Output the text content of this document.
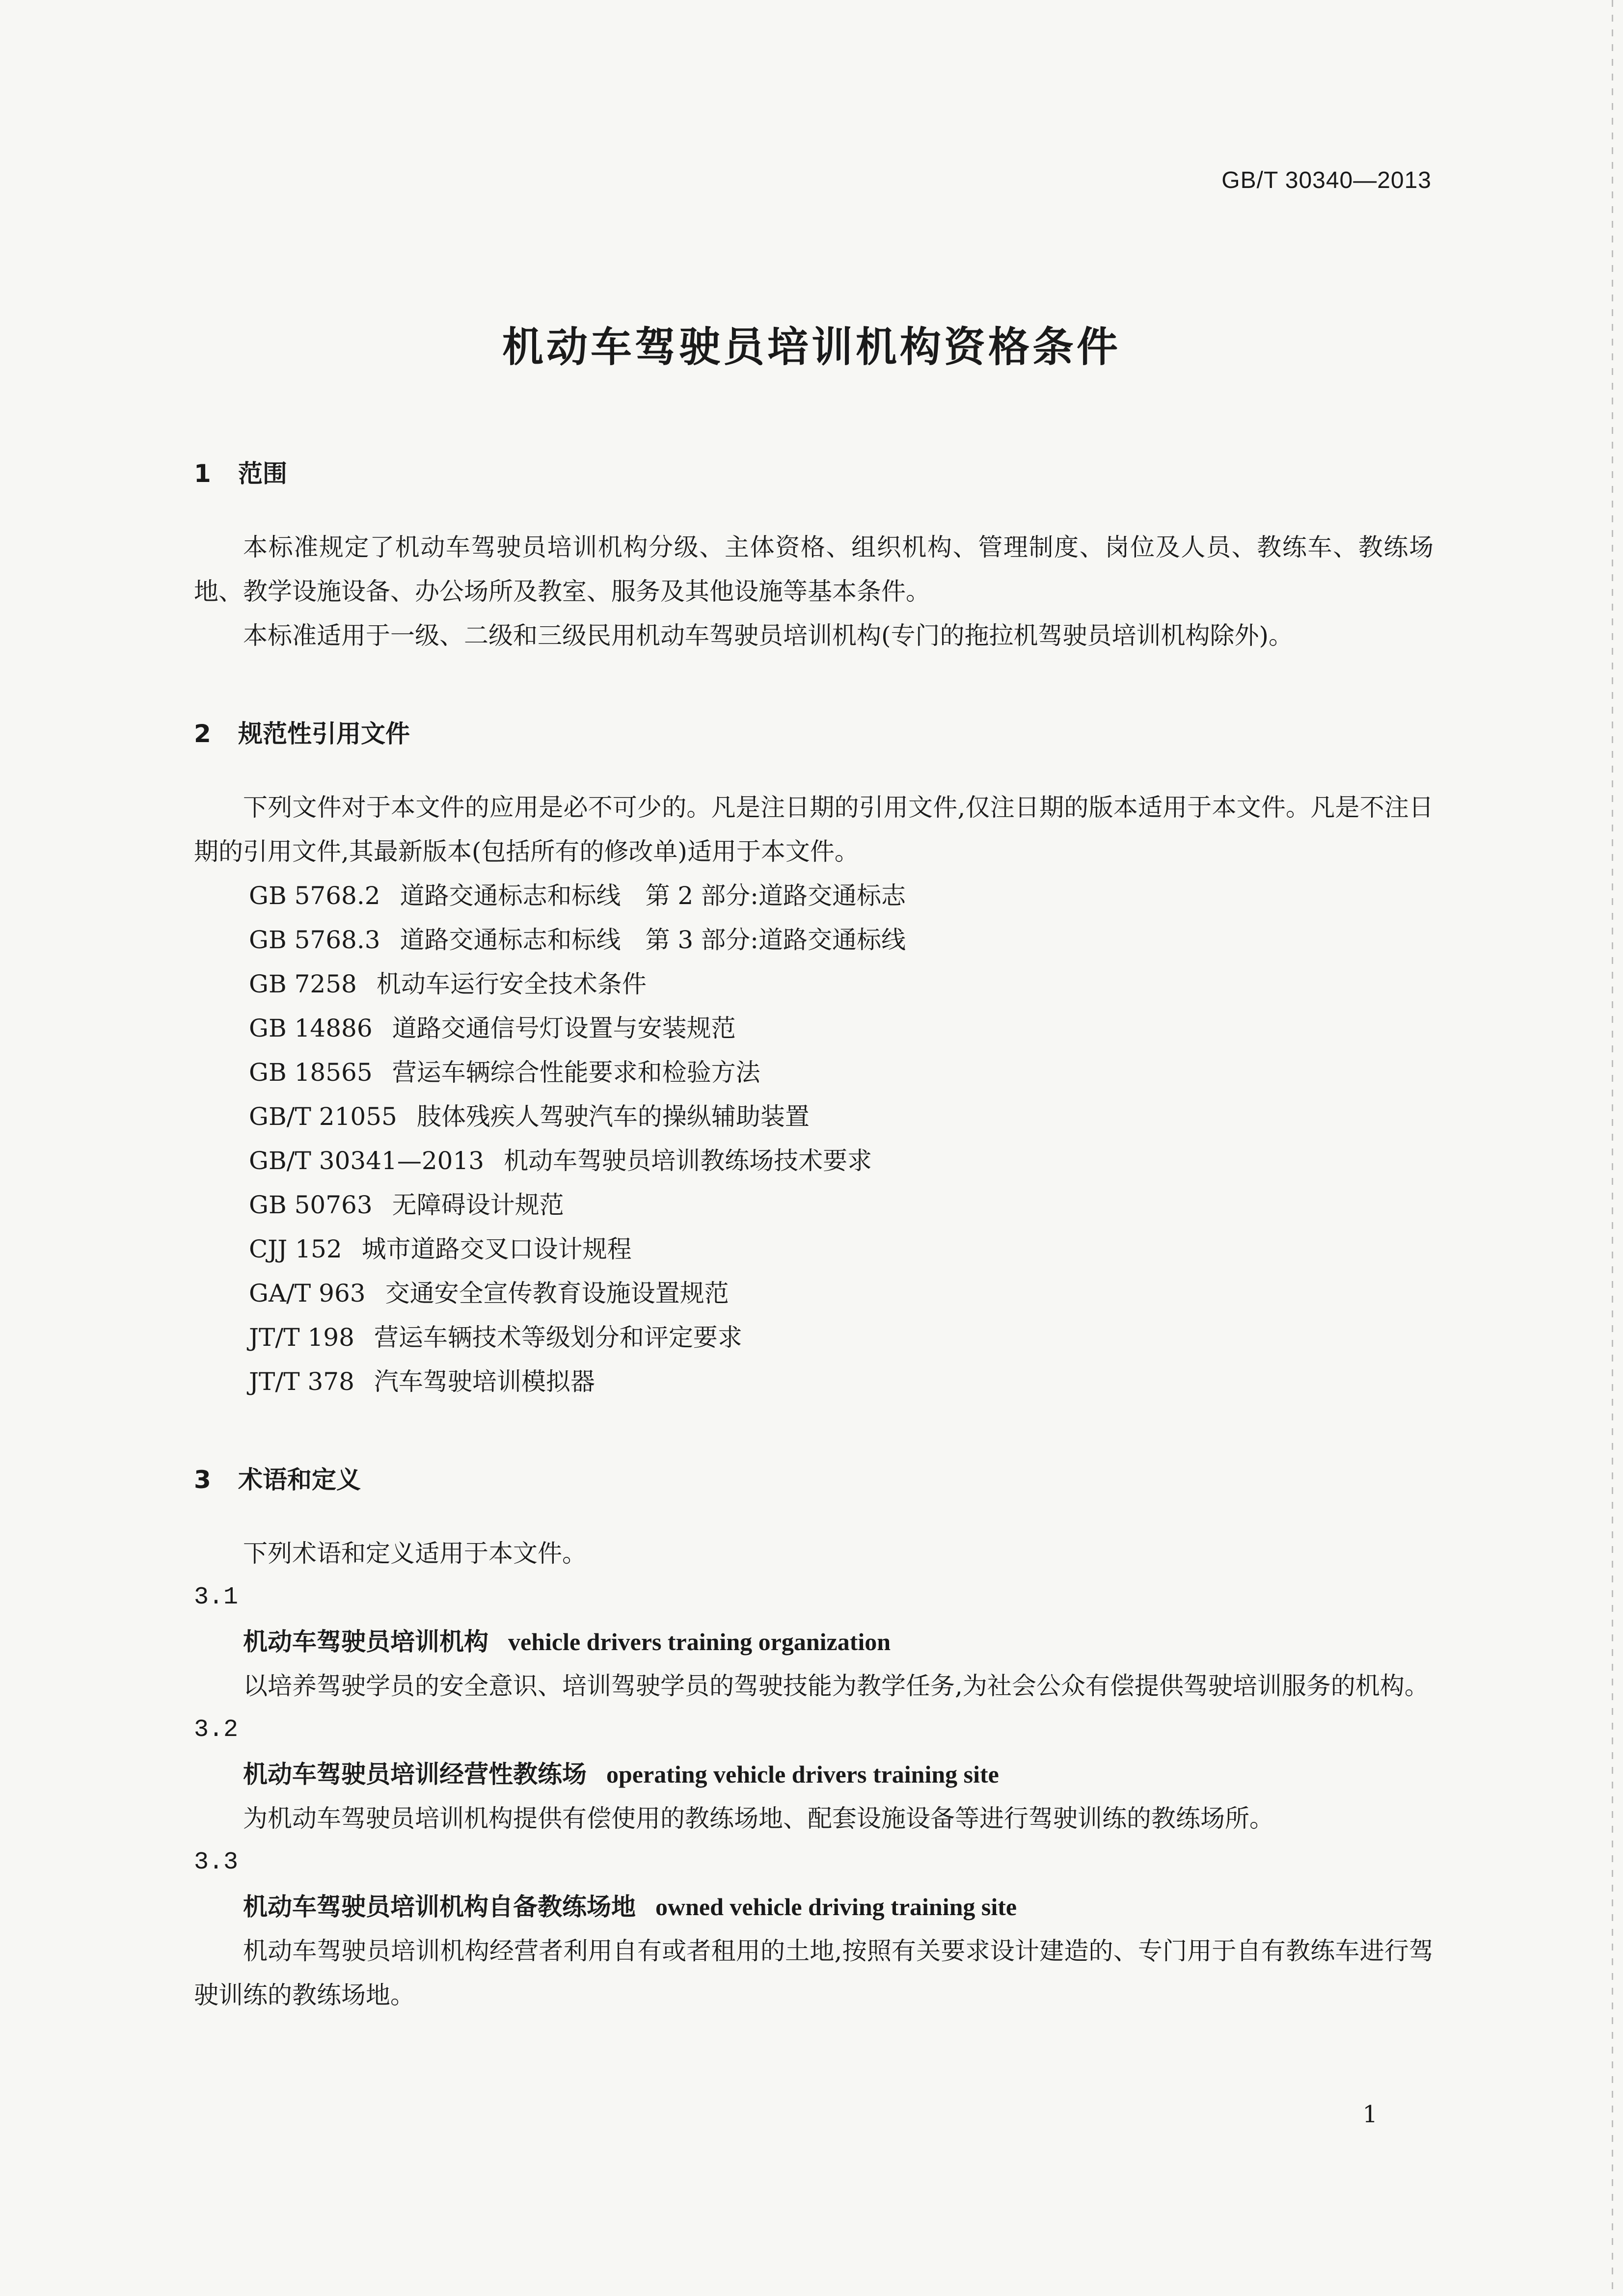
GB/T 30340—2013
机动车驾驶员培训机构资格条件

1 范围

本标准规定了机动车驾驶员培训机构分级、主体资格、组织机构、管理制度、岗位及人员、教练车、教练场地、教学设施设备、办公场所及教室、服务及其他设施等基本条件。

本标准适用于一级、二级和三级民用机动车驾驶员培训机构(专门的拖拉机驾驶员培训机构除外)。

2 规范性引用文件

下列文件对于本文件的应用是必不可少的。凡是注日期的引用文件,仅注日期的版本适用于本文件。凡是不注日期的引用文件,其最新版本(包括所有的修改单)适用于本文件。

GB 5768.2 道路交通标志和标线　第 2 部分:道路交通标志

GB 5768.3 道路交通标志和标线　第 3 部分:道路交通标线

GB 7258 机动车运行安全技术条件

GB 14886 道路交通信号灯设置与安装规范

GB 18565 营运车辆综合性能要求和检验方法

GB/T 21055 肢体残疾人驾驶汽车的操纵辅助装置

GB/T 30341—2013 机动车驾驶员培训教练场技术要求

GB 50763 无障碍设计规范

CJJ 152 城市道路交叉口设计规程

GA/T 963 交通安全宣传教育设施设置规范

JT/T 198 营运车辆技术等级划分和评定要求

JT/T 378 汽车驾驶培训模拟器

3 术语和定义

下列术语和定义适用于本文件。

3.1

机动车驾驶员培训机构 vehicle drivers training organization

以培养驾驶学员的安全意识、培训驾驶学员的驾驶技能为教学任务,为社会公众有偿提供驾驶培训服务的机构。

3.2

机动车驾驶员培训经营性教练场 operating vehicle drivers training site

为机动车驾驶员培训机构提供有偿使用的教练场地、配套设施设备等进行驾驶训练的教练场所。

3.3

机动车驾驶员培训机构自备教练场地 owned vehicle driving training site

机动车驾驶员培训机构经营者利用自有或者租用的土地,按照有关要求设计建造的、专门用于自有教练车进行驾驶训练的教练场地。

1
